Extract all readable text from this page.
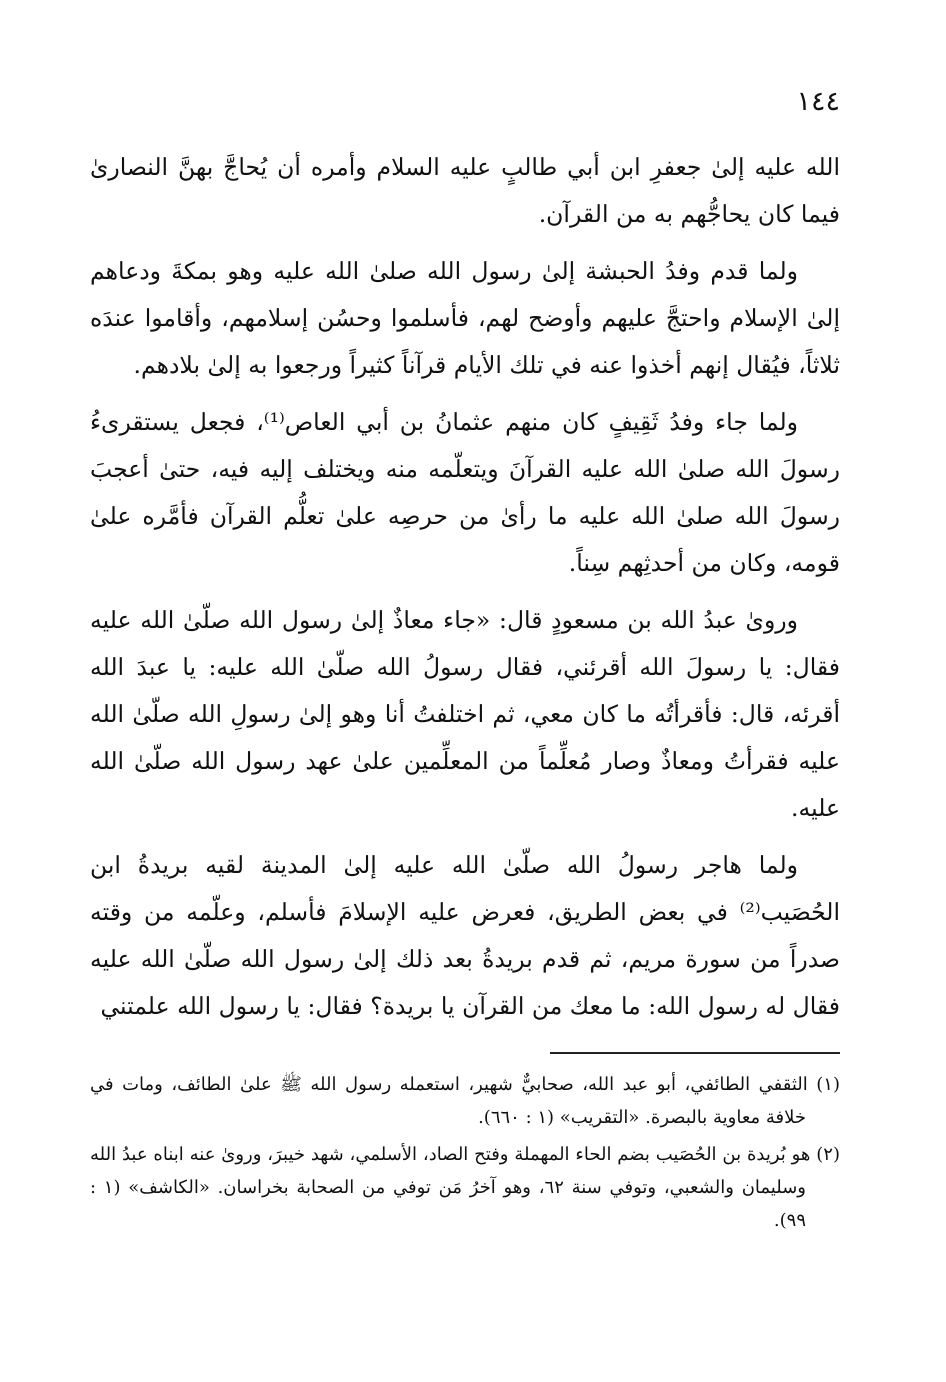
١٤٤

الله عليه إلىٰ جعفرِ ابن أبي طالبٍ عليه السلام وأمره أن يُحاجَّ بهنَّ النصارىٰ فيما كان يحاجُّهم به من القرآن.

ولما قدم وفدُ الحبشة إلىٰ رسول الله صلىٰ الله عليه وهو بمكةَ ودعاهم إلىٰ الإسلام واحتجَّ عليهم وأوضح لهم، فأسلموا وحسُن إسلامهم، وأقاموا عندَه ثلاثاً، فيُقال إنهم أخذوا عنه في تلك الأيام قرآناً كثيراً ورجعوا به إلىٰ بلادهم.

ولما جاء وفدُ ثَقِيفٍ كان منهم عثمانُ بن أبي العاص⁽¹⁾، فجعل يستقرىءُ رسولَ الله صلىٰ الله عليه القرآنَ ويتعلّمه منه ويختلف إليه فيه، حتىٰ أعجبَ رسولَ الله صلىٰ الله عليه ما رأىٰ من حرصِه علىٰ تعلُّم القرآن فأمَّره علىٰ قومه، وكان من أحدثِهم سِناً.

وروىٰ عبدُ الله بن مسعودٍ قال: «جاء معاذٌ إلىٰ رسول الله صلّىٰ الله عليه فقال: يا رسولَ الله أقرئني، فقال رسولُ الله صلّىٰ الله عليه: يا عبدَ الله أقرئه، قال: فأقرأتُه ما كان معي، ثم اختلفتُ أنا وهو إلىٰ رسولِ الله صلّىٰ الله عليه فقرأتُ ومعاذٌ وصار مُعلِّماً من المعلِّمين علىٰ عهد رسول الله صلّىٰ الله عليه.

ولما هاجر رسولُ الله صلّىٰ الله عليه إلىٰ المدينة لقيه بريدةُ ابن الحُصَيب⁽²⁾ في بعض الطريق، فعرض عليه الإسلامَ فأسلم، وعلّمه من وقته صدراً من سورة مريم، ثم قدم بريدةُ بعد ذلك إلىٰ رسول الله صلّىٰ الله عليه فقال له رسول الله: ما معك من القرآن يا بريدة؟ فقال: يا رسول الله علمتني

(١) الثقفي الطائفي، أبو عبد الله، صحابيٌّ شهير، استعمله رسول الله ﷺ علىٰ الطائف، ومات في خلافة معاوية بالبصرة. «التقريب» (١ : ٦٦٠).

(٢) هو بُريدة بن الحُصَيب بضم الحاء المهملة وفتح الصاد، الأسلمي، شهد خيبرَ، وروىٰ عنه ابناه عبدُ الله وسليمان والشعبي، وتوفي سنة ٦٢، وهو آخرُ مَن توفي من الصحابة بخراسان. «الكاشف» (١ : ٩٩).
